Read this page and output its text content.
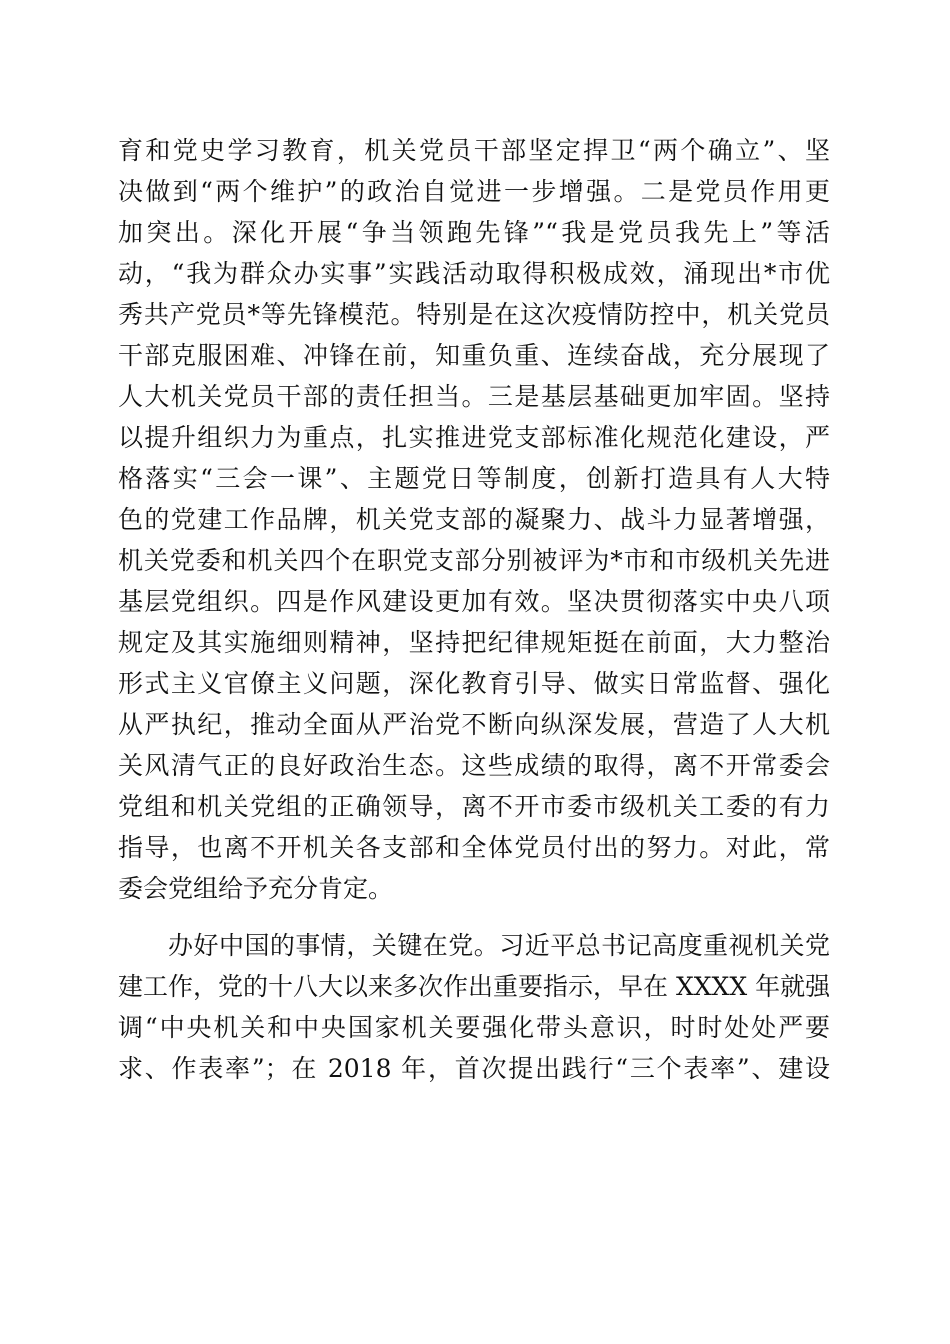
育和党史学习教育，机关党员干部坚定捍卫“两个确立”、坚
决做到“两个维护”的政治自觉进一步增强。二是党员作用更
加突出。深化开展“争当领跑先锋”“我是党员我先上”等活
动，“我为群众办实事”实践活动取得积极成效，涌现出*市优
秀共产党员*等先锋模范。特别是在这次疫情防控中，机关党员
干部克服困难、冲锋在前，知重负重、连续奋战，充分展现了
人大机关党员干部的责任担当。三是基层基础更加牢固。坚持
以提升组织力为重点，扎实推进党支部标准化规范化建设，严
格落实“三会一课”、主题党日等制度，创新打造具有人大特
色的党建工作品牌，机关党支部的凝聚力、战斗力显著增强，
机关党委和机关四个在职党支部分别被评为*市和市级机关先进
基层党组织。四是作风建设更加有效。坚决贯彻落实中央八项
规定及其实施细则精神，坚持把纪律规矩挺在前面，大力整治
形式主义官僚主义问题，深化教育引导、做实日常监督、强化
从严执纪，推动全面从严治党不断向纵深发展，营造了人大机
关风清气正的良好政治生态。这些成绩的取得，离不开常委会
党组和机关党组的正确领导，离不开市委市级机关工委的有力
指导，也离不开机关各支部和全体党员付出的努力。对此，常
委会党组给予充分肯定。
办好中国的事情，关键在党。习近平总书记高度重视机关党
建工作，党的十八大以来多次作出重要指示，早在 XXXX 年就强
调“中央机关和中央国家机关要强化带头意识，时时处处严要
求、作表率”；在 2018 年，首次提出践行“三个表率”、建设
